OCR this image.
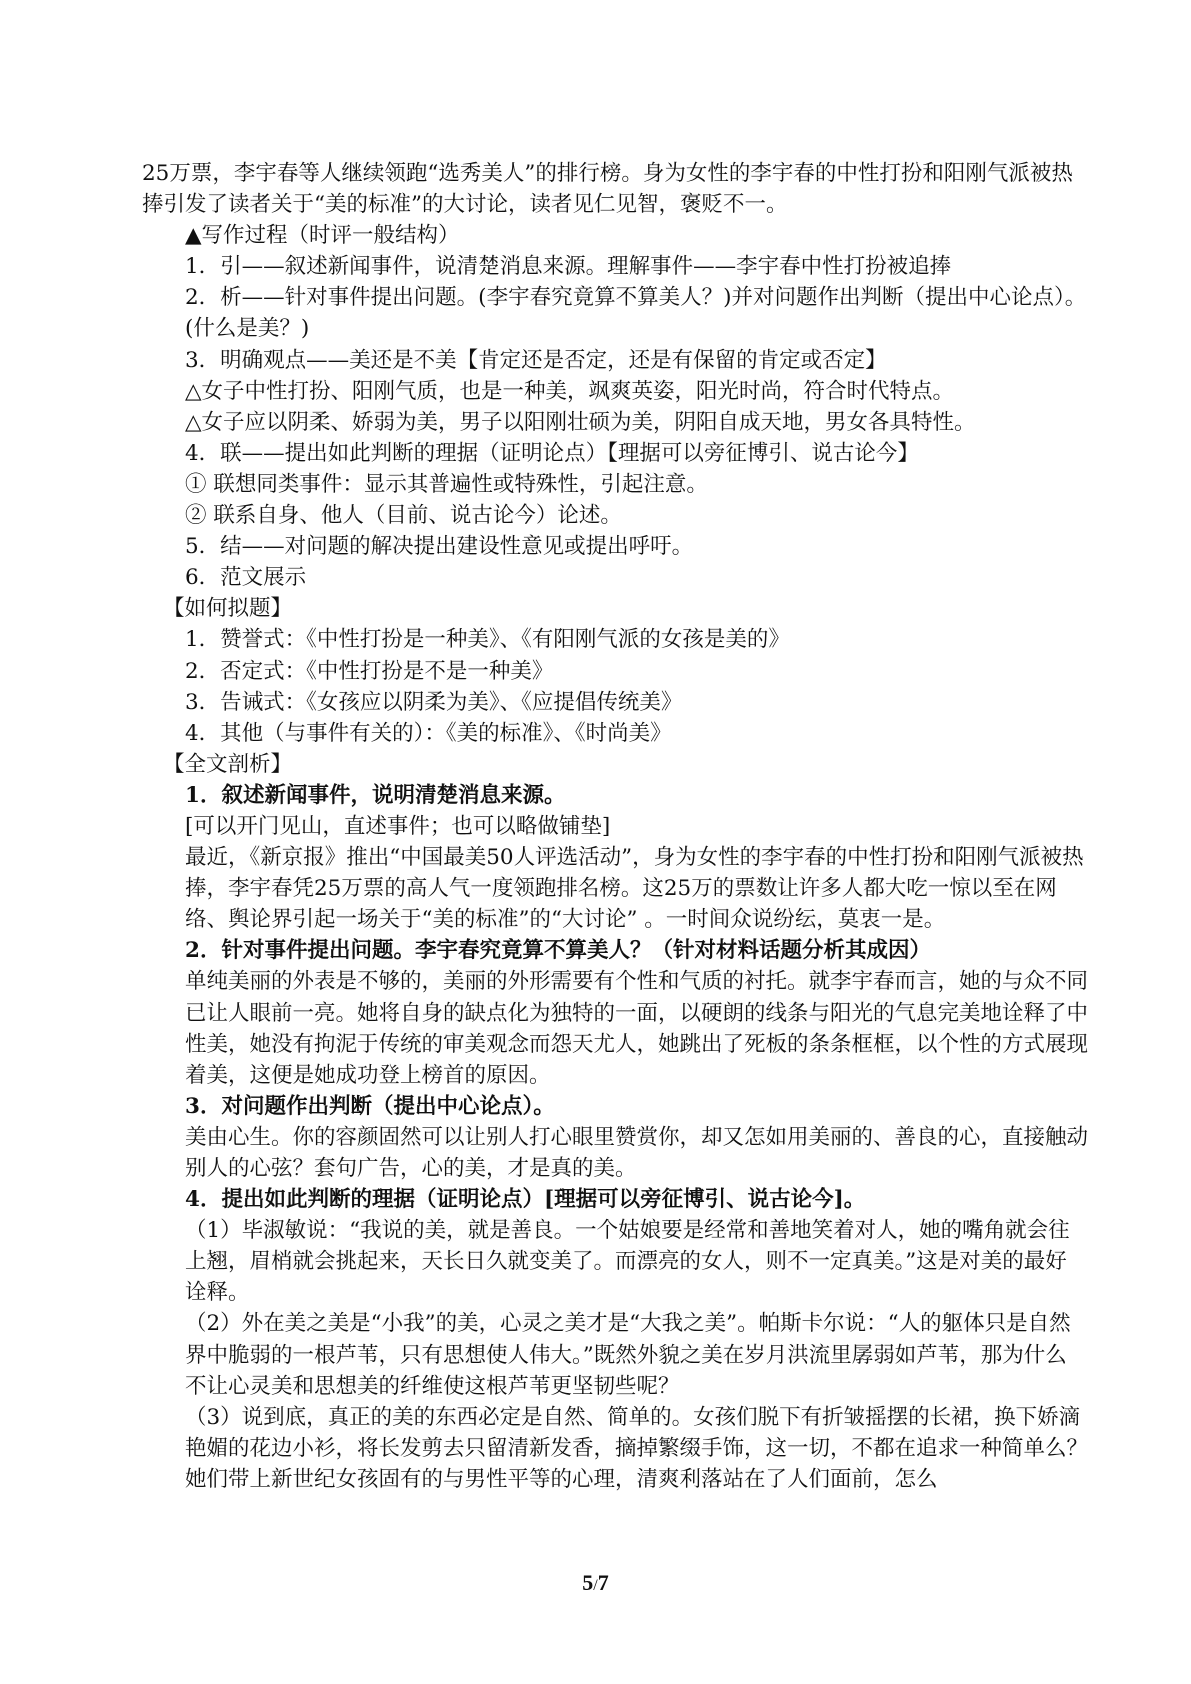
25万票，李宇春等人继续领跑“选秀美人”的排行榜。身为女性的李宇春的中性打扮和阳刚气派被热捧引发了读者关于“美的标准”的大讨论，读者见仁见智，褒贬不一。

▲写作过程（时评一般结构）

1．引——叙述新闻事件，说清楚消息来源。理解事件——李宇春中性打扮被追捧

2．析——针对事件提出问题。(李宇春究竟算不算美人？)并对问题作出判断（提出中心论点）。(什么是美？)

3．明确观点——美还是不美【肯定还是否定，还是有保留的肯定或否定】

△女子中性打扮、阳刚气质，也是一种美，飒爽英姿，阳光时尚，符合时代特点。

△女子应以阴柔、娇弱为美，男子以阳刚壮硕为美，阴阳自成天地，男女各具特性。

4．联——提出如此判断的理据（证明论点）【理据可以旁征博引、说古论今】

① 联想同类事件：显示其普遍性或特殊性，引起注意。

② 联系自身、他人（目前、说古论今）论述。

5．结——对问题的解决提出建设性意见或提出呼吁。

6．范文展示

【如何拟题】

1．赞誉式：《中性打扮是一种美》、《有阳刚气派的女孩是美的》

2．否定式：《中性打扮是不是一种美》

3．告诫式：《女孩应以阴柔为美》、《应提倡传统美》

4．其他（与事件有关的）：《美的标准》、《时尚美》

【全文剖析】

1．叙述新闻事件，说明清楚消息来源。

[可以开门见山，直述事件；也可以略做铺垫]

最近，《新京报》推出“中国最美50人评选活动”，身为女性的李宇春的中性打扮和阳刚气派被热捧，李宇春凭25万票的高人气一度领跑排名榜。这25万的票数让许多人都大吃一惊以至在网络、舆论界引起一场关于“美的标准”的“大讨论” 。一时间众说纷纭，莫衷一是。

2．针对事件提出问题。李宇春究竟算不算美人？（针对材料话题分析其成因）

单纯美丽的外表是不够的，美丽的外形需要有个性和气质的衬托。就李宇春而言，她的与众不同已让人眼前一亮。她将自身的缺点化为独特的一面，以硬朗的线条与阳光的气息完美地诠释了中性美，她没有拘泥于传统的审美观念而怨天尤人，她跳出了死板的条条框框，以个性的方式展现着美，这便是她成功登上榜首的原因。

3．对问题作出判断（提出中心论点）。

美由心生。你的容颜固然可以让别人打心眼里赞赏你，却又怎如用美丽的、善良的心，直接触动别人的心弦？套句广告，心的美，才是真的美。

4．提出如此判断的理据（证明论点）[理据可以旁征博引、说古论今]。

（1）毕淑敏说：“我说的美，就是善良。一个姑娘要是经常和善地笑着对人，她的嘴角就会往上翘，眉梢就会挑起来，天长日久就变美了。而漂亮的女人，则不一定真美。”这是对美的最好诠释。

（2）外在美之美是“小我”的美，心灵之美才是“大我之美”。帕斯卡尔说：“人的躯体只是自然界中脆弱的一根芦苇，只有思想使人伟大。”既然外貌之美在岁月洪流里孱弱如芦苇，那为什么不让心灵美和思想美的纤维使这根芦苇更坚韧些呢？

（3）说到底，真正的美的东西必定是自然、简单的。女孩们脱下有折皱摇摆的长裙，换下娇滴艳媚的花边小衫，将长发剪去只留清新发香，摘掉繁缀手饰，这一切，不都在追求一种简单么？她们带上新世纪女孩固有的与男性平等的心理，清爽利落站在了人们面前，怎么

5/7
